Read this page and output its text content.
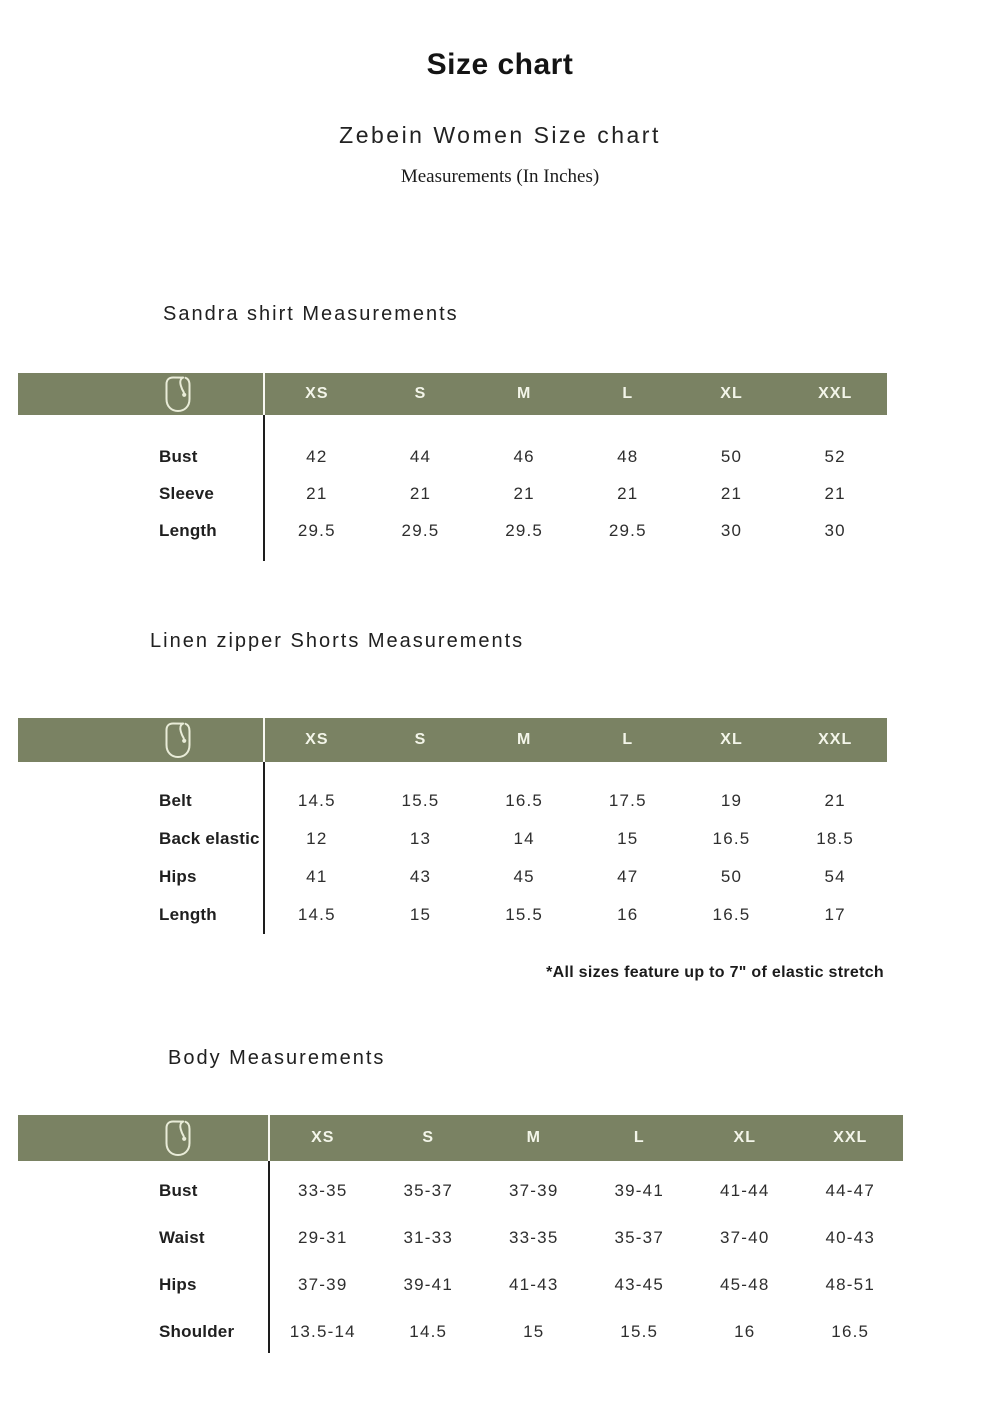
Size chart
Zebein Women Size chart
Measurements (In Inches)
Sandra shirt Measurements
XS	S	M	L	XL	XXL
Bust	42	44	46	48	50	52
Sleeve	21	21	21	21	21	21
Length	29.5	29.5	29.5	29.5	30	30
Linen zipper Shorts Measurements
XS	S	M	L	XL	XXL
Belt	14.5	15.5	16.5	17.5	19	21
Back elastic	12	13	14	15	16.5	18.5
Hips	41	43	45	47	50	54
Length	14.5	15	15.5	16	16.5	17
*All sizes feature up to 7" of elastic stretch
Body Measurements
XS	S	M	L	XL	XXL
Bust	33-35	35-37	37-39	39-41	41-44	44-47
Waist	29-31	31-33	33-35	35-37	37-40	40-43
Hips	37-39	39-41	41-43	43-45	45-48	48-51
Shoulder	13.5-14	14.5	15	15.5	16	16.5
